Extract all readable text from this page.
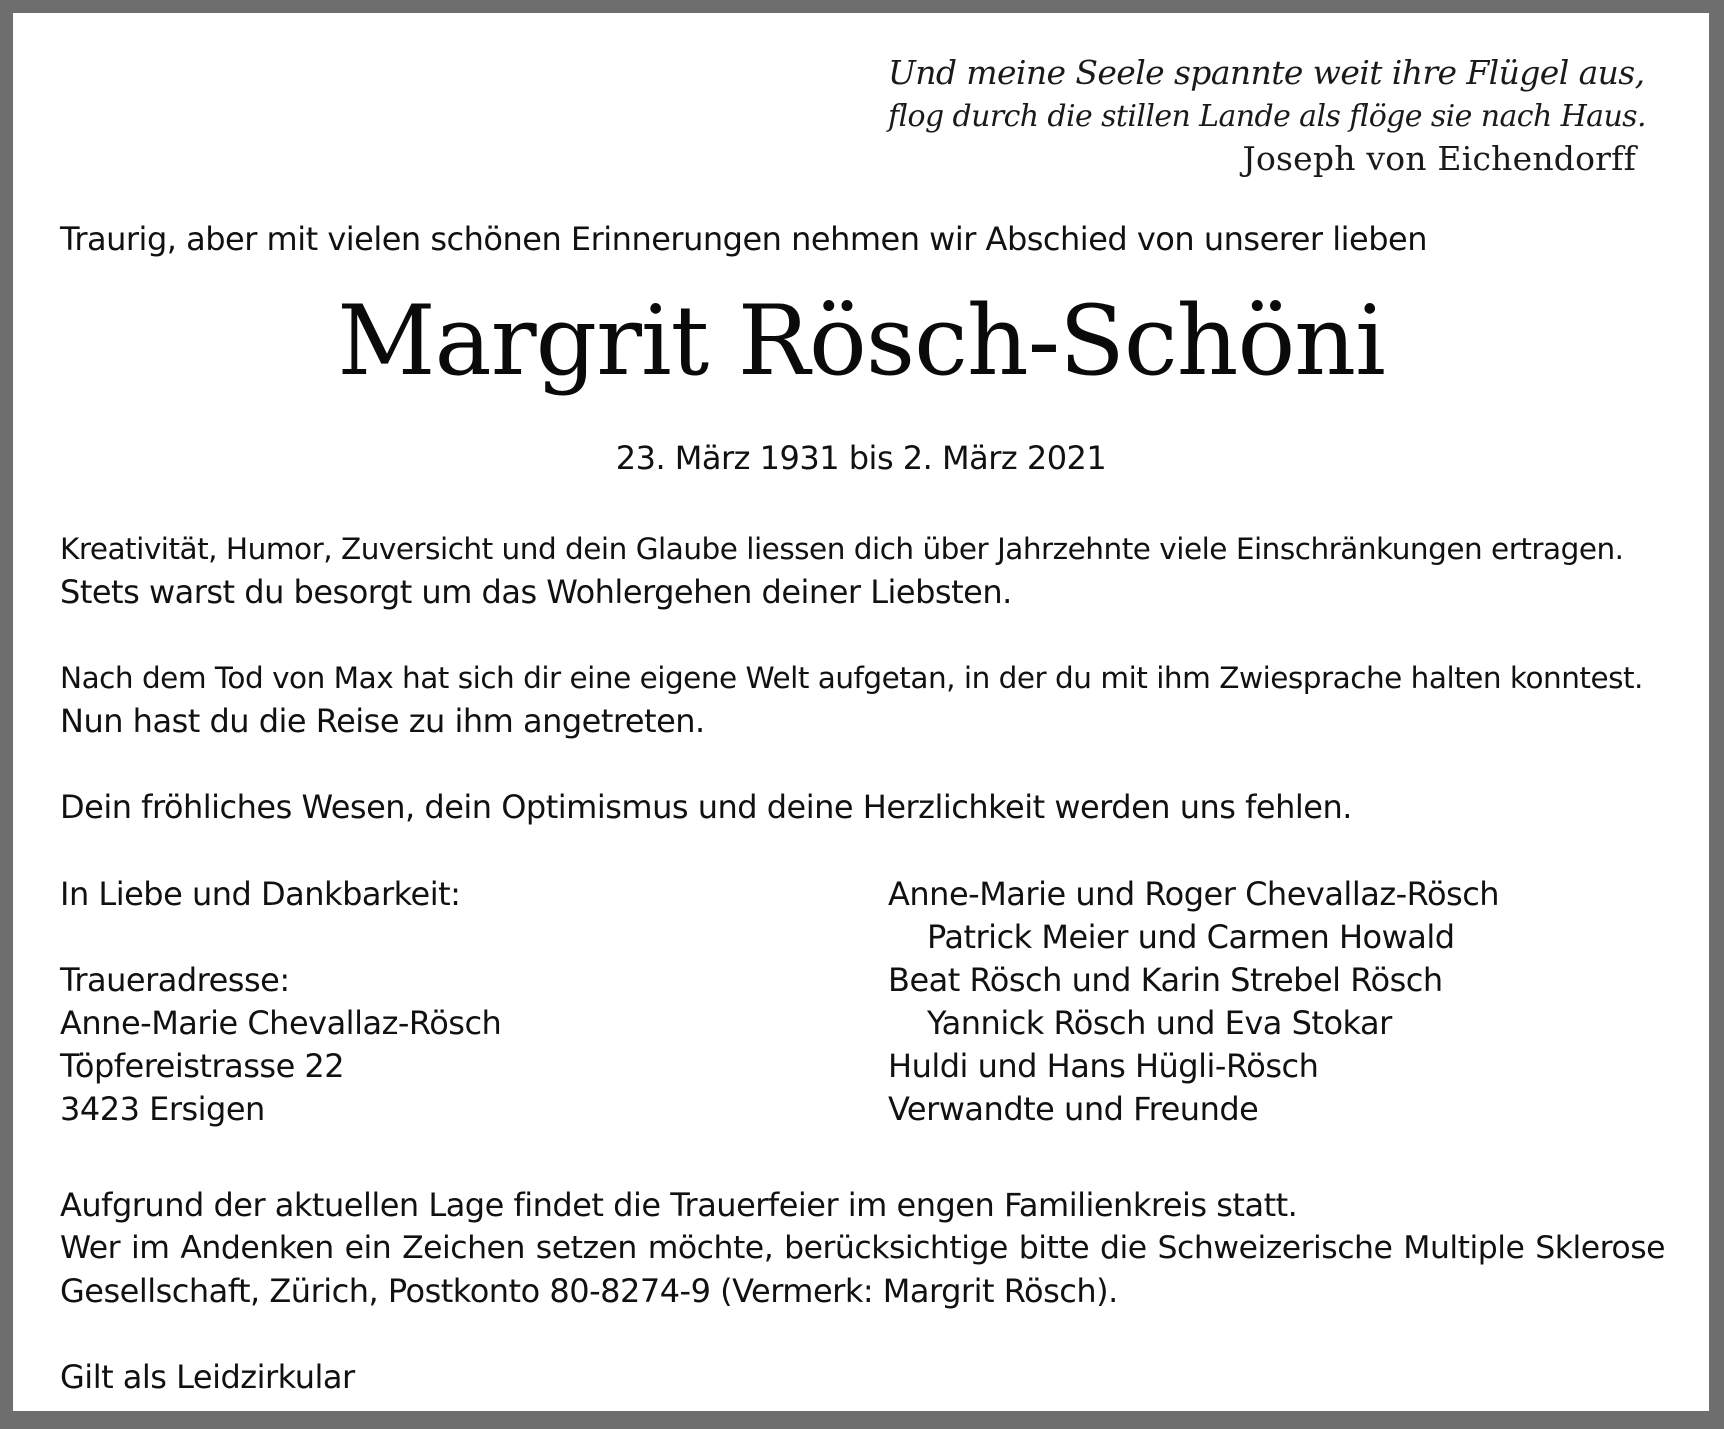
Und meine Seele spannte weit ihre Flügel aus,
flog durch die stillen Lande als flöge sie nach Haus.
Joseph von Eichendorff
Traurig, aber mit vielen schönen Erinnerungen nehmen wir Abschied von unserer lieben
Margrit Rösch-Schöni
23. März 1931 bis 2. März 2021
Kreativität, Humor, Zuversicht und dein Glaube liessen dich über Jahrzehnte viele Einschränkungen ertragen.
Stets warst du besorgt um das Wohlergehen deiner Liebsten.
Nach dem Tod von Max hat sich dir eine eigene Welt aufgetan, in der du mit ihm Zwiesprache halten konntest.
Nun hast du die Reise zu ihm angetreten.
Dein fröhliches Wesen, dein Optimismus und deine Herzlichkeit werden uns fehlen.
In Liebe und Dankbarkeit:
Traueradresse:
Anne-Marie Chevallaz-Rösch
Töpfereistrasse 22
3423 Ersigen
Anne-Marie und Roger Chevallaz-Rösch
Patrick Meier und Carmen Howald
Beat Rösch und Karin Strebel Rösch
Yannick Rösch und Eva Stokar
Huldi und Hans Hügli-Rösch
Verwandte und Freunde
Aufgrund der aktuellen Lage findet die Trauerfeier im engen Familienkreis statt.
Wer im Andenken ein Zeichen setzen möchte, berücksichtige bitte die Schweizerische Multiple Sklerose
Gesellschaft, Zürich, Postkonto 80-8274-9 (Vermerk: Margrit Rösch).
Gilt als Leidzirkular
